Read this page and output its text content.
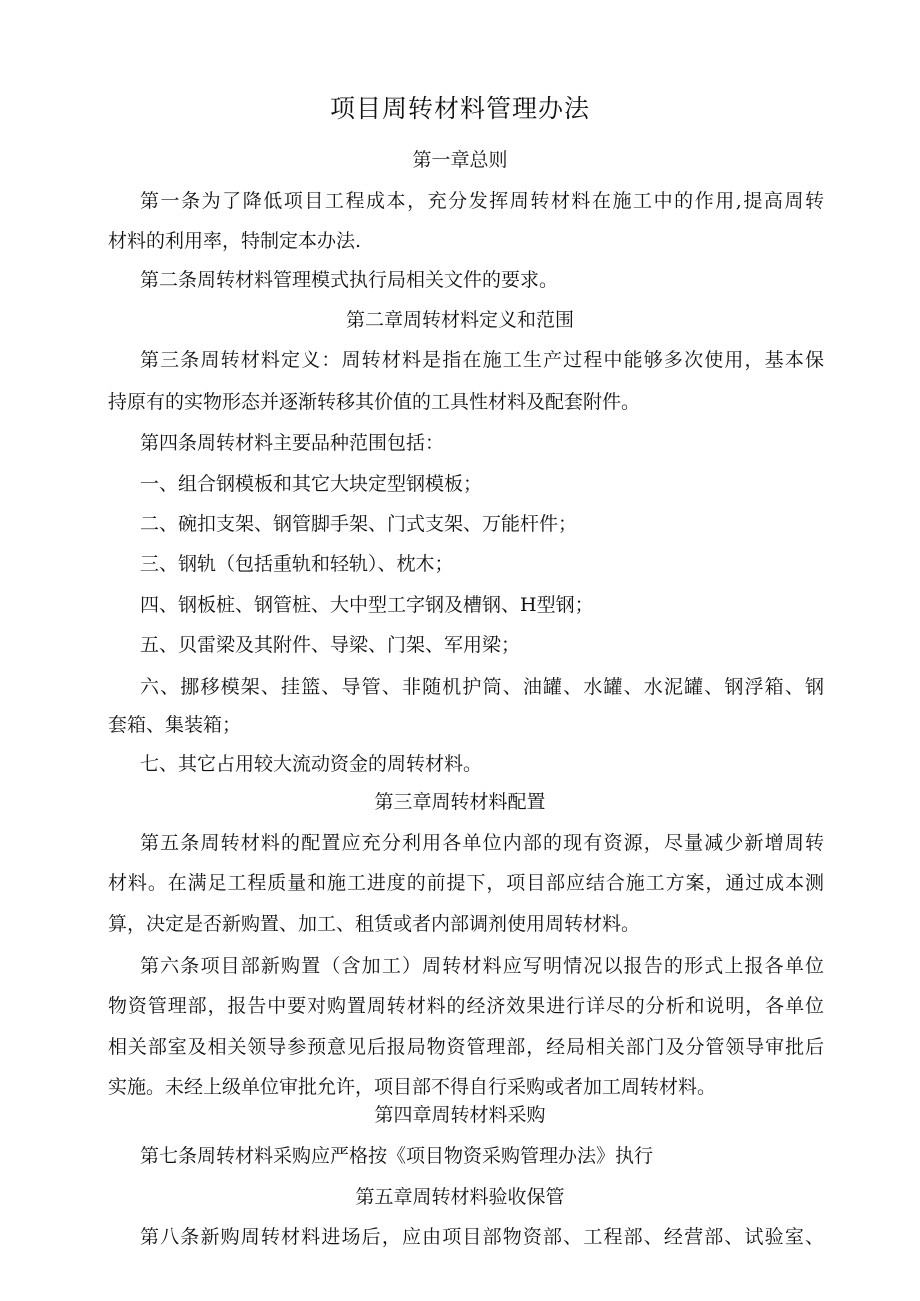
项目周转材料管理办法
第一章总则
第一条为了降低项目工程成本，充分发挥周转材料在施工中的作用,提高周转
材料的利用率，特制定本办法.
第二条周转材料管理模式执行局相关文件的要求。
第二章周转材料定义和范围
第三条周转材料定义：周转材料是指在施工生产过程中能够多次使用，基本保
持原有的实物形态并逐渐转移其价值的工具性材料及配套附件。
第四条周转材料主要品种范围包括：
一、组合钢模板和其它大块定型钢模板；
二、碗扣支架、钢管脚手架、门式支架、万能杆件；
三、钢轨（包括重轨和轻轨）、枕木；
四、钢板桩、钢管桩、大中型工字钢及槽钢、H型钢；
五、贝雷梁及其附件、导梁、门架、军用梁；
六、挪移模架、挂篮、导管、非随机护筒、油罐、水罐、水泥罐、钢浮箱、钢
套箱、集装箱；
七、其它占用较大流动资金的周转材料。
第三章周转材料配置
第五条周转材料的配置应充分利用各单位内部的现有资源，尽量减少新增周转
材料。在满足工程质量和施工进度的前提下，项目部应结合施工方案，通过成本测
算，决定是否新购置、加工、租赁或者内部调剂使用周转材料。
第六条项目部新购置（含加工）周转材料应写明情况以报告的形式上报各单位
物资管理部，报告中要对购置周转材料的经济效果进行详尽的分析和说明，各单位
相关部室及相关领导参预意见后报局物资管理部，经局相关部门及分管领导审批后
实施。未经上级单位审批允许，项目部不得自行采购或者加工周转材料。
第四章周转材料采购
第七条周转材料采购应严格按《项目物资采购管理办法》执行
第五章周转材料验收保管
第八条新购周转材料进场后，应由项目部物资部、工程部、经营部、试验室、
